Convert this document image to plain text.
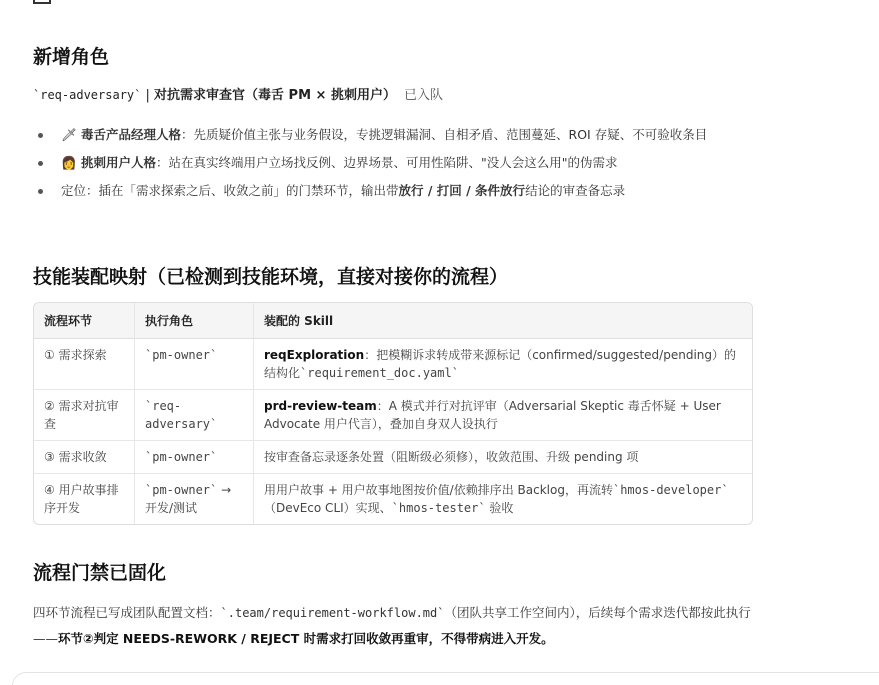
新增角色
`req-adversary` | 对抗需求审查官（毒舌 PM × 挑刺用户） 已入队
🗡 毒舌产品经理人格：先质疑价值主张与业务假设，专挑逻辑漏洞、自相矛盾、范围蔓延、ROI 存疑、不可验收条目
👩 挑刺用户人格：站在真实终端用户立场找反例、边界场景、可用性陷阱、"没人会这么用"的伪需求
定位：插在「需求探索之后、收敛之前」的门禁环节，输出带放行 / 打回 / 条件放行结论的审查备忘录
技能装配映射（已检测到技能环境，直接对接你的流程）
流程环节	执行角色	装配的 Skill
① 需求探索	`pm-owner`	reqExploration：把模糊诉求转成带来源标记（confirmed/suggested/pending）的结构化`requirement_doc.yaml`
② 需求对抗审查	`req-adversary`	prd-review-team：A 模式并行对抗评审（Adversarial Skeptic 毒舌怀疑 + User Advocate 用户代言），叠加自身双人设执行
③ 需求收敛	`pm-owner`	按审查备忘录逐条处置（阻断级必须修），收敛范围、升级 pending 项
④ 用户故事排序开发	`pm-owner` → 开发/测试	用用户故事 + 用户故事地图按价值/依赖排序出 Backlog，再流转`hmos-developer`（DevEco CLI）实现、`hmos-tester` 验收
流程门禁已固化
四环节流程已写成团队配置文档：`.team/requirement-workflow.md`（团队共享工作空间内），后续每个需求迭代都按此执行——环节②判定 NEEDS-REWORK / REJECT 时需求打回收敛再重审，不得带病进入开发。
